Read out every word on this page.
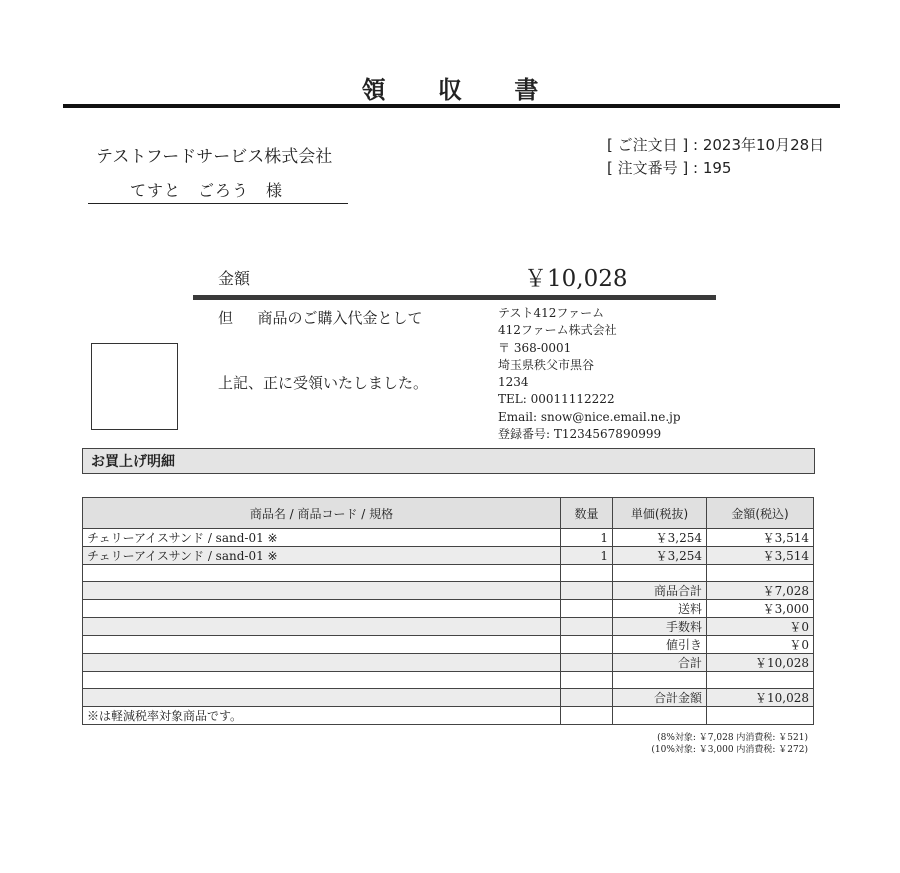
領 収 書
テストフードサービス株式会社
てすと　ごろう　様
[ ご注文日 ] : 2023年10月28日
[ 注文番号 ] : 195
金額	￥10,028
但　  商品のご購入代金として
上記、正に受領いたしました。
テスト412ファーム
412ファーム株式会社
〒 368-0001
埼玉県秩父市黒谷
1234
TEL: 00011112222
Email: snow@nice.email.ne.jp
登録番号: T1234567890999
お買上げ明細
商品名 / 商品コード / 規格	数量	単価(税抜)	金額(税込)
チェリーアイスサンド / sand-01 ※	1	￥3,254	￥3,514
チェリーアイスサンド / sand-01 ※	1	￥3,254	￥3,514

		商品合計	￥7,028
		送料	￥3,000
		手数料	￥0
		値引き	￥0
		合計	￥10,028

		合計金額	￥10,028
※は軽減税率対象商品です。			
(8%対象: ￥7,028 内消費税: ￥521)
(10%対象: ￥3,000 内消費税: ￥272)
